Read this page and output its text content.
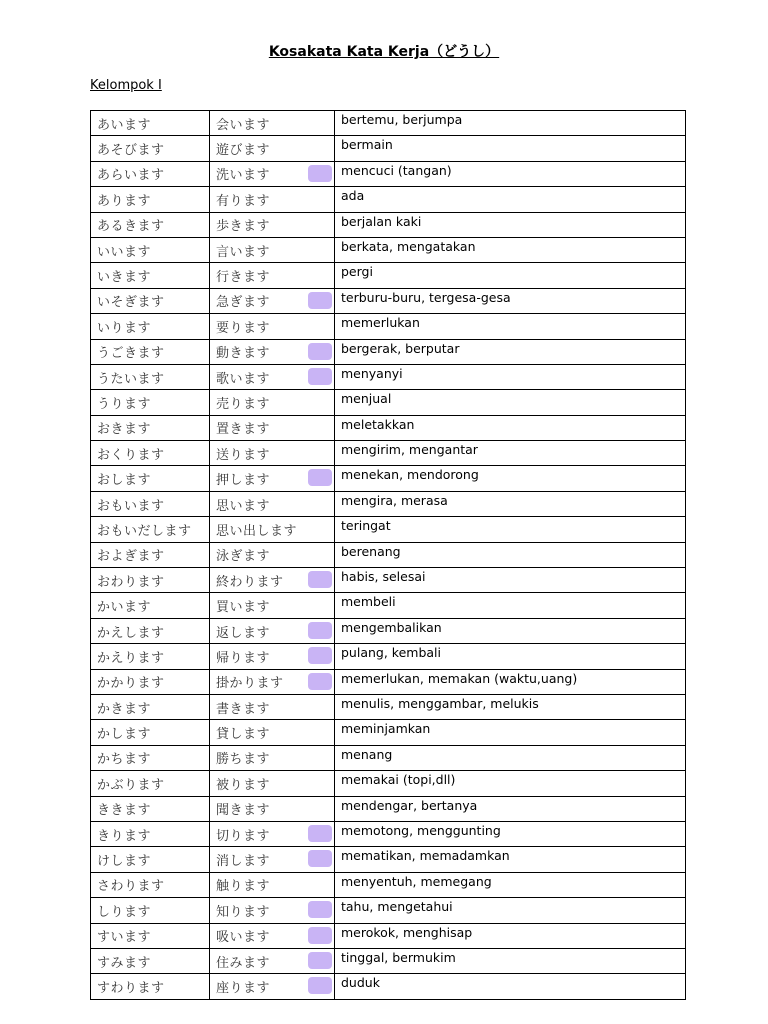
Kosakata Kata Kerja（どうし）
Kelompok I
あいます	会います	bertemu, berjumpa
あそびます	遊びます	bermain
あらいます	洗います	mencuci (tangan)
あります	有ります	ada
あるきます	歩きます	berjalan kaki
いいます	言います	berkata, mengatakan
いきます	行きます	pergi
いそぎます	急ぎます	terburu-buru, tergesa-gesa
いります	要ります	memerlukan
うごきます	動きます	bergerak, berputar
うたいます	歌います	menyanyi
うります	売ります	menjual
おきます	置きます	meletakkan
おくります	送ります	mengirim, mengantar
おします	押します	menekan, mendorong
おもいます	思います	mengira, merasa
おもいだします	思い出します	teringat
およぎます	泳ぎます	berenang
おわります	終わります	habis, selesai
かいます	買います	membeli
かえします	返します	mengembalikan
かえります	帰ります	pulang, kembali
かかります	掛かります	memerlukan, memakan (waktu,uang)
かきます	書きます	menulis, menggambar, melukis
かします	貸します	meminjamkan
かちます	勝ちます	menang
かぶります	被ります	memakai (topi,dll)
ききます	聞きます	mendengar, bertanya
きります	切ります	memotong, menggunting
けします	消します	mematikan, memadamkan
さわります	触ります	menyentuh, memegang
しります	知ります	tahu, mengetahui
すいます	吸います	merokok, menghisap
すみます	住みます	tinggal, bermukim
すわります	座ります	duduk
